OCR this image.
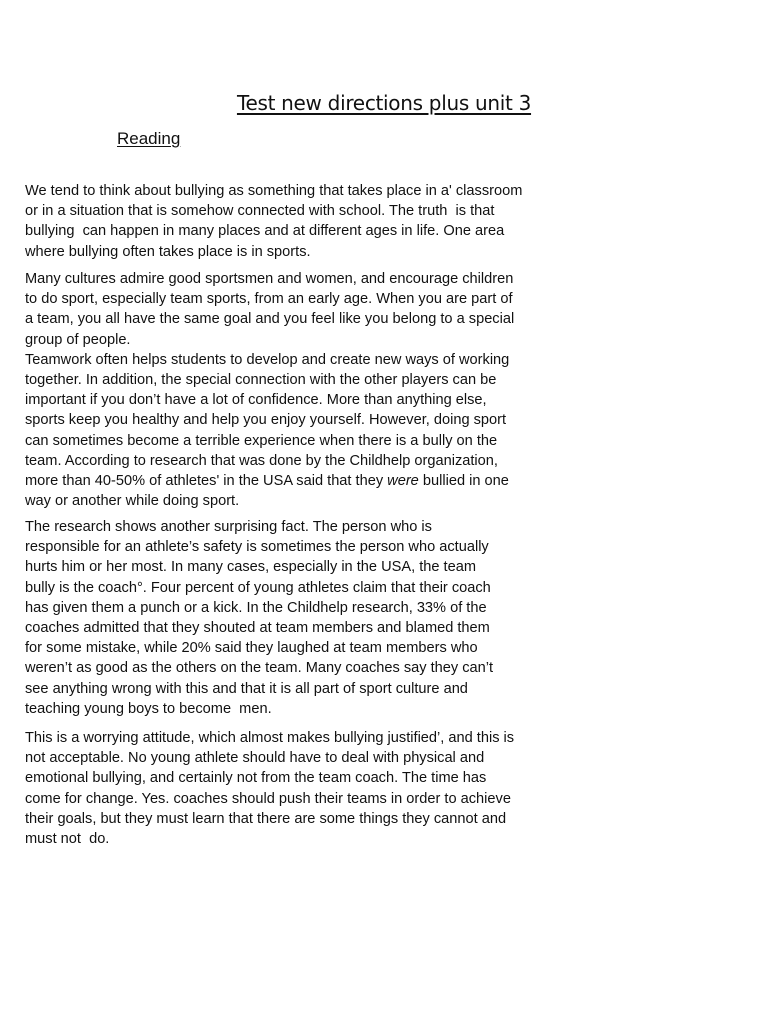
Test new directions plus unit 3
Reading
We tend to think about bullying as something that takes place in a' classroom
or in a situation that is somehow connected with school. The truth  is that
bullying  can happen in many places and at different ages in life. One area
where bullying often takes place is in sports.
Many cultures admire good sportsmen and women, and encourage children
to do sport, especially team sports, from an early age. When you are part of
a team, you all have the same goal and you feel like you belong to a special
group of people.
Teamwork often helps students to develop and create new ways of working
together. In addition, the special connection with the other players can be
important if you don’t have a lot of confidence. More than anything else,
sports keep you healthy and help you enjoy yourself. However, doing sport
can sometimes become a terrible experience when there is a bully on the
team. According to research that was done by the Childhelp organization,
more than 40-50% of athletes' in the USA said that they were bullied in one
way or another while doing sport.
The research shows another surprising fact. The person who is
responsible for an athlete’s safety is sometimes the person who actually
hurts him or her most. In many cases, especially in the USA, the team
bully is the coach°. Four percent of young athletes claim that their coach
has given them a punch or a kick. In the Childhelp research, 33% of the
coaches admitted that they shouted at team members and blamed them
for some mistake, while 20% said they laughed at team members who
weren’t as good as the others on the team. Many coaches say they can’t
see anything wrong with this and that it is all part of sport culture and
teaching young boys to become  men.
This is a worrying attitude, which almost makes bullying justified’, and this is
not acceptable. No young athlete should have to deal with physical and
emotional bullying, and certainly not from the team coach. The time has
come for change. Yes. coaches should push their teams in order to achieve
their goals, but they must learn that there are some things they cannot and
must not  do.
